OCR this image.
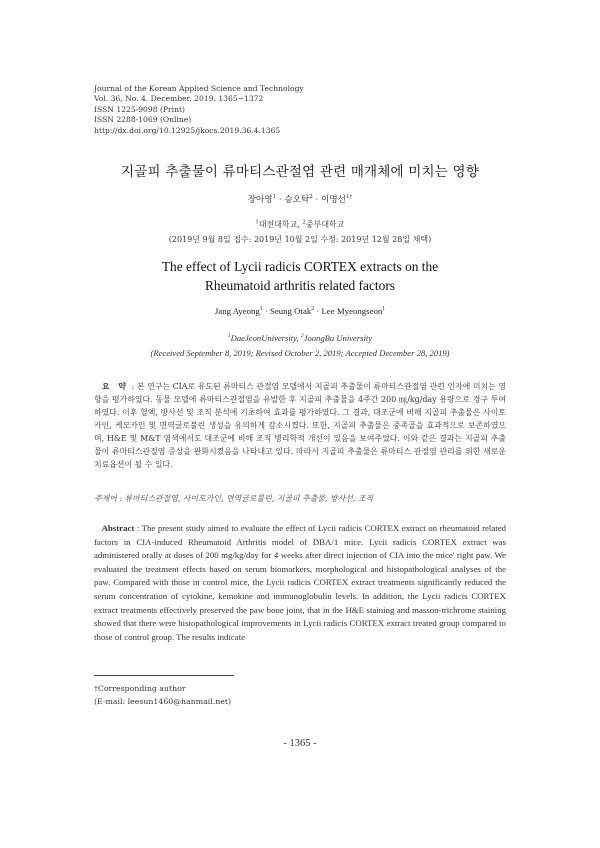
Journal of the Korean Applied Science and Technology
Vol. 36, No. 4. December, 2019. 1365~1372
ISSN 1225-9098 (Print)
ISSN 2288-1069 (Online)
http://dx.doi.org/10.12925/jkocs.2019.36.4.1365
지골피 추출물이 류마티스관절염 관련 매개체에 미치는 영향
장아영$^1$ · 승오탁$^2$ · 이명선$^{1\dagger}$
$^1$대전대학교, $^2$중부대학교
(2019년 9월 8일 접수: 2019년 10월 2일 수정: 2019년 12월 28일 채택)
The effect of Lycii radicis CORTEX extracts on the
Rheumatoid arthritis related factors
Jang Ayeong$^1$ · Seung Otak$^2$ · Lee Myeongseon$^1$
$^1$DaeJeonUniversity, $^2$JoongBu University
(Received September 8, 2019; Revised October 2, 2019; Accepted December 28, 2019)
요 약 : 본 연구는 CIA로 유도된 류마티스 관절염 모델에서 지골피 추출물이 류마티스관절염 관련 인자에 미치는 영향을 평가하였다. 동물 모델에 류마티스관절염을 유발한 후 지골피 추출물을 4주간 200 ㎎/kg/day 용량으로 경구 투여하였다. 이후 혈액, 방사선 및 조직 분석에 기초하여 효과를 평가하였다. 그 결과, 대조군에 비해 지골피 추출물은 사이토카인, 케모카인 및 면역글로불린 생성을 유의하게 감소시켰다. 또한, 지골피 추출물은 중족골을 효과적으로 보존하였으며, H&E 및 M&T 염색에서도 대조군에 비해 조직 병리학적 개선이 있음을 보여주었다. 이와 같은 결과는 지골피 추출물이 류마티스관절염 증상을 완화시켰음을 나타내고 있다. 따라서 지골피 추출물은 류마티스 관절염 관리를 위한 새로운 치료옵션이 될 수 있다.
주제어 : 류마티스관절염, 사이토카인, 면역글로불린, 지골피 추출물, 방사선, 조직
Abstract : The present study aimed to evaluate the effect of Lycii radicis CORTEX extract on rheumatoid related factors in CIA-induced Rheumatoid Arthritis model of DBA/1 mice. Lycii radicis CORTEX extract was administered orally at doses of 200 mg/kg/day for 4 weeks after direct injection of CIA into the mice' right paw. We evaluated the treatment effects based on serum biomarkers, morphological and histopathological analyses of the paw. Compared with those in control mice, the Lycii radicis CORTEX extract treatments significantly reduced the serum concentration of cytokine, kemokine and immunoglobulin levels. In addition, the Lycii radicis CORTEX extract treatments effectively preserved the paw bone joint, that in the H&E staining and masson-trichrome staining showed that there were histopathological improvements in Lycii radicis CORTEX extract treated group compared to those of control group. The results indicate
†Corresponding author
(E-mail: leesun1460@hanmail.net)
- 1365 -
